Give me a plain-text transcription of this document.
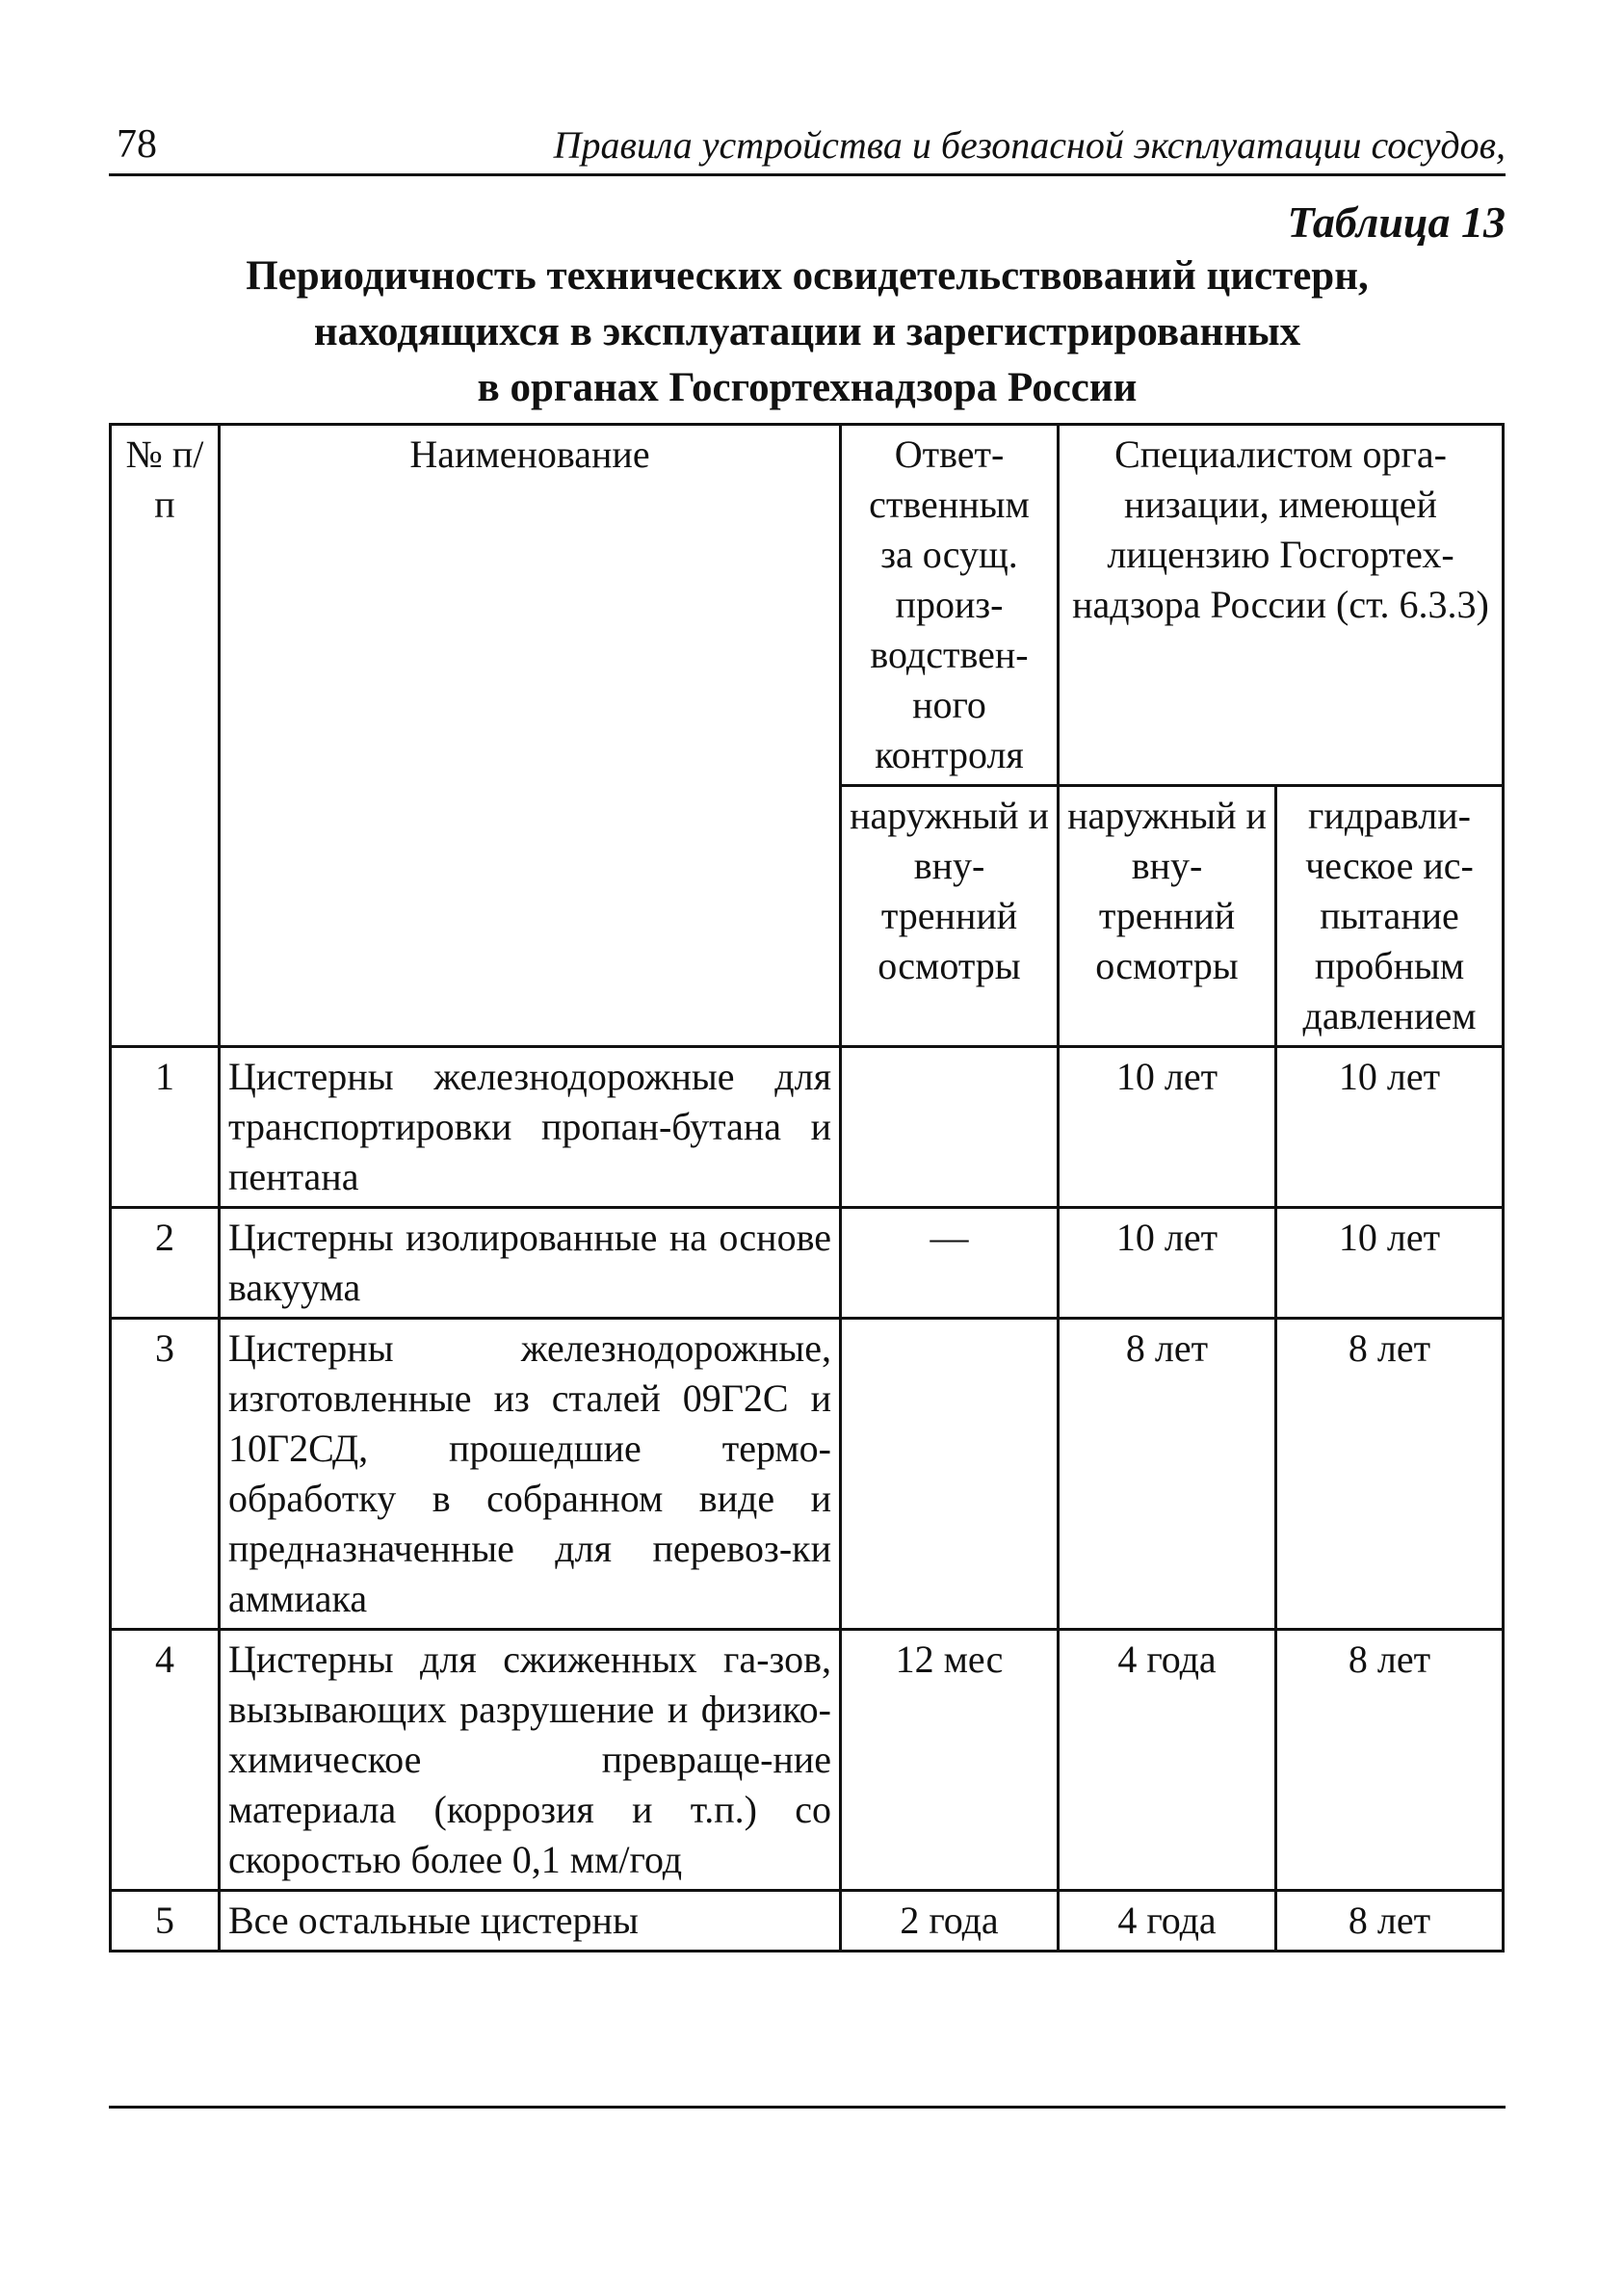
78	Правила устройства и безопасной эксплуатации сосудов,
Таблица 13
Периодичность технических освидетельствований цистерн,
находящихся в эксплуатации и зарегистрированных
в органах Госгортехнадзора России
№ п/п	Наименование	Ответ-ственным за осущ. произ-водствен-ного контроля	Специалистом орга-низации, имеющей лицензию Госгортех-надзора России (ст. 6.3.3)	
		наружный и вну-тренний осмотры	наружный и вну-тренний осмотры	гидравли-ческое ис-пытание пробным давлением
1	Цистерны железнодорожные для транспортировки пропан-бутана и пентана		10 лет	10 лет
2	Цистерны изолированные на основе вакуума	—	10 лет	10 лет
3	Цистерны железнодорожные, изготовленные из сталей 09Г2С и 10Г2СД, прошедшие термо-обработку в собранном виде и предназначенные для перевоз-ки аммиака		8 лет	8 лет
4	Цистерны для сжиженных га-зов, вызывающих разрушение и физико-химическое превраще-ние материала (коррозия и т.п.) со скоростью более 0,1 мм/год	12 мес	4 года	8 лет
5	Все остальные цистерны	2 года	4 года	8 лет
